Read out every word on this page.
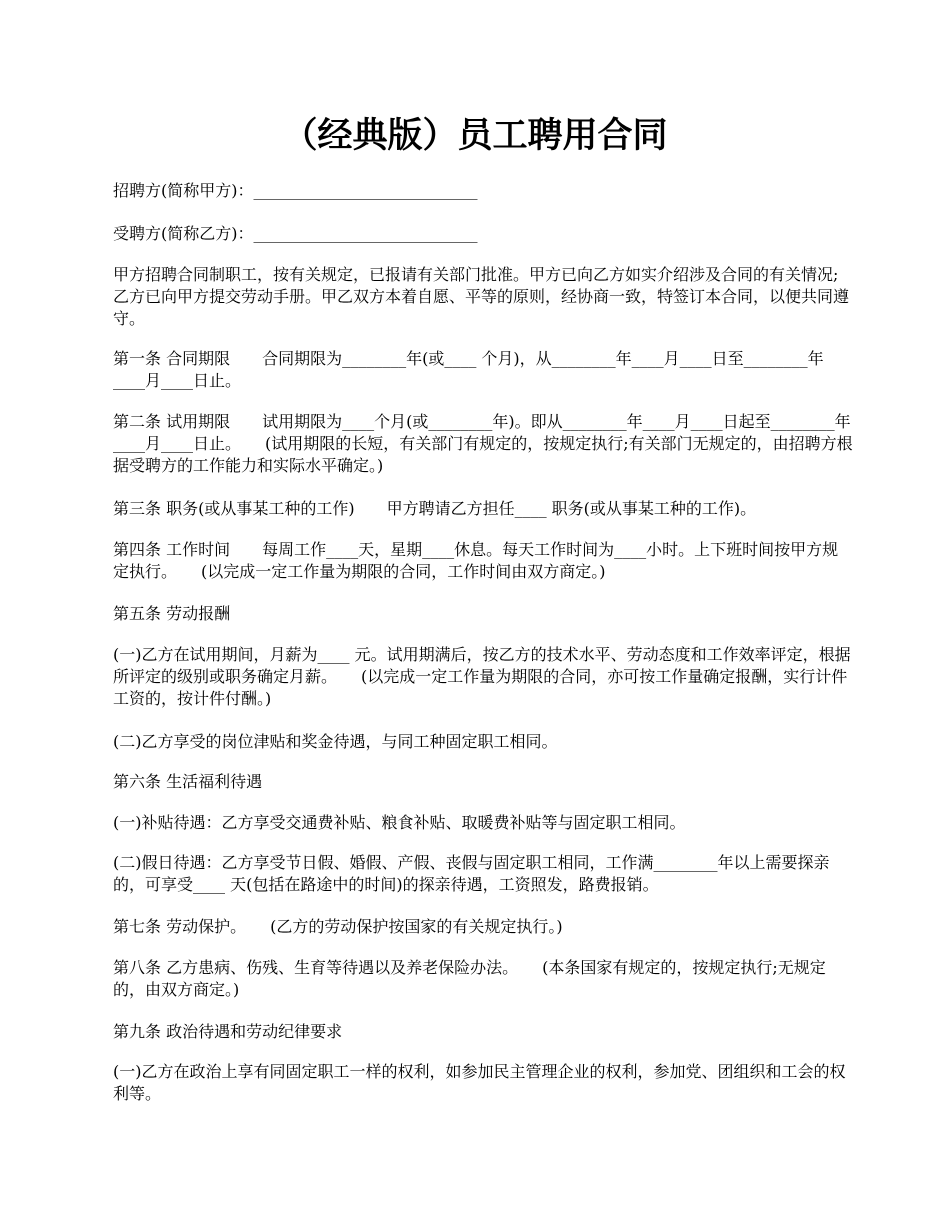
（经典版）员工聘用合同
招聘方(简称甲方)：____________________________
受聘方(简称乙方)：____________________________
甲方招聘合同制职工，按有关规定，已报请有关部门批准。甲方已向乙方如实介绍涉及合同的有关情况;乙方已向甲方提交劳动手册。甲乙双方本着自愿、平等的原则，经协商一致，特签订本合同，以便共同遵守。
第一条 合同期限　　合同期限为________年(或____ 个月)，从________年____月____日至________年____月____日止。
第二条 试用期限　　试用期限为____个月(或________年)。即从________年____月____日起至________年____月____日止。　　(试用期限的长短，有关部门有规定的，按规定执行;有关部门无规定的，由招聘方根据受聘方的工作能力和实际水平确定。)
第三条 职务(或从事某工种的工作)　　甲方聘请乙方担任____ 职务(或从事某工种的工作)。
第四条 工作时间　　每周工作____天，星期____休息。每天工作时间为____小时。上下班时间按甲方规定执行。　　(以完成一定工作量为期限的合同，工作时间由双方商定。)
第五条 劳动报酬
(一)乙方在试用期间，月薪为____ 元。试用期满后，按乙方的技术水平、劳动态度和工作效率评定，根据所评定的级别或职务确定月薪。　　(以完成一定工作量为期限的合同，亦可按工作量确定报酬，实行计件工资的，按计件付酬。)
(二)乙方享受的岗位津贴和奖金待遇，与同工种固定职工相同。
第六条 生活福利待遇
(一)补贴待遇：乙方享受交通费补贴、粮食补贴、取暖费补贴等与固定职工相同。
(二)假日待遇：乙方享受节日假、婚假、产假、丧假与固定职工相同，工作满________年以上需要探亲的，可享受____ 天(包括在路途中的时间)的探亲待遇，工资照发，路费报销。
第七条 劳动保护。　　(乙方的劳动保护按国家的有关规定执行。)
第八条 乙方患病、伤残、生育等待遇以及养老保险办法。　　(本条国家有规定的，按规定执行;无规定的，由双方商定。)
第九条 政治待遇和劳动纪律要求
(一)乙方在政治上享有同固定职工一样的权利，如参加民主管理企业的权利，参加党、团组织和工会的权利等。
